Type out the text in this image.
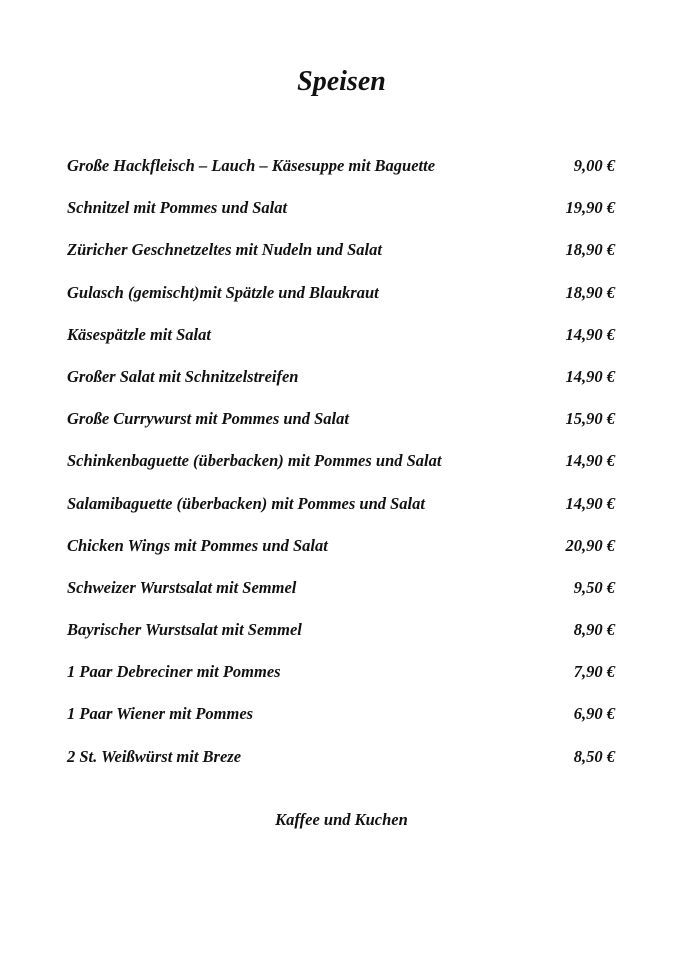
Speisen
Große Hackfleisch – Lauch – Käsesuppe mit Baguette	9,00 €
Schnitzel mit Pommes und Salat	19,90 €
Züricher Geschnetzeltes mit Nudeln und Salat	18,90 €
Gulasch (gemischt)mit Spätzle und Blaukraut	18,90 €
Käsespätzle mit Salat	14,90 €
Großer Salat mit Schnitzelstreifen	14,90 €
Große Currywurst mit Pommes und Salat	15,90 €
Schinkenbaguette (überbacken) mit Pommes und Salat	14,90 €
Salamibaguette (überbacken) mit Pommes und Salat	14,90 €
Chicken Wings mit Pommes und Salat	20,90 €
Schweizer Wurstsalat mit Semmel	9,50 €
Bayrischer Wurstsalat mit Semmel	8,90 €
1 Paar Debreciner mit Pommes	7,90 €
1 Paar Wiener mit Pommes	6,90 €
2 St. Weißwürst mit Breze	8,50 €
Kaffee und Kuchen
